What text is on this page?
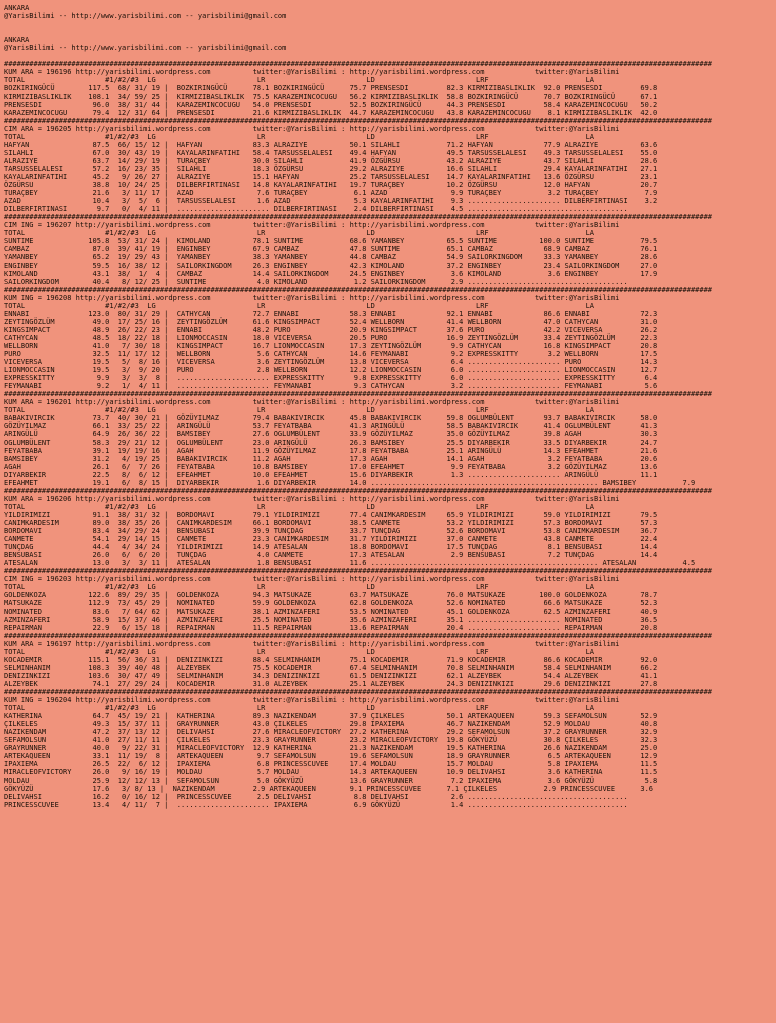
ANKARA
@YarisBilimi -- http://www.yarisbilimi.com -- yarisbilimi@gmail.com
ANKARA
@YarisBilimi -- http://www.yarisbilimi.com -- yarisbilimi@gmail.com
########################################################################################################################################################################
KUM ARA = 196196 http://yarisbilimi.wordpress.com          twitter:@YarisBilimi : http://yarisbilimi.wordpress.com            twitter:@YarisBilimi
TOTAL                   #1/#2/#3  LG                        LR                        LD                        LRF                       LA
BOZKIRINGÜCÜ        117.5  68/ 31/ 19 |  BOZKIRINGÜCÜ      78.1 BOZKIRINGÜCÜ      75.7 PRENSESDI         82.3 KIRMIZIBASLIKLIK  92.0 PRENSESDI         69.8
KIRMIZIBASLIKLIK    108.1  34/ 59/ 25 |  KIRMIZIBASLIKLIK  75.5 KARAZEMINCOCUGU   56.2 KIRMIZIBASLIKLIK  58.8 BOZKIRINGÜCÜ      70.7 BOZKIRINGÜCÜ      67.1
PRENSESDI            96.0  38/ 31/ 44 |  KARAZEMINCOCUGU   54.0 PRENSESDI         52.5 BOZKIRINGÜCÜ      44.3 PRENSESDI         58.4 KARAZEMINCOCUGU   50.2
KARAZEMINCOCUGU      79.4  12/ 31/ 64 |  PRENSESDI         21.6 KIRMIZIBASLIKLIK  44.7 KARAZEMINCOCUGU   43.8 KARAZEMINCOCUGU    8.1 KIRMIZIBASLIKLIK  42.0
########################################################################################################################################################################
CIM ARA = 196205 http://yarisbilimi.wordpress.com          twitter:@YarisBilimi : http://yarisbilimi.wordpress.com            twitter:@YarisBilimi
TOTAL                   #1/#2/#3  LG                        LR                        LD                        LRF                       LA
HAFYAN               87.5  66/ 15/ 12 |  HAFYAN            83.3 ALRAZIYE          50.1 SILAHLI           71.2 HAFYAN            77.9 ALRAZIYE          63.6
SILAHLI              67.0  30/ 43/ 19 |  KAYALARINFATIHI   58.4 TARSUSSELALESI    49.4 HAFYAN            49.5 TARSUSSELALESI    49.3 TARSUSSELALESI    55.0
ALRAZIYE             63.7  14/ 29/ 19 |  TURAÇBEY          30.0 SILAHLI           41.9 ÖZGÜRSU           43.2 ALRAZIYE          43.7 SILAHLI           28.6
TARSUSSELALESI       57.2  16/ 23/ 35 |  SILAHLI           18.3 ÖZGÜRSU           29.2 ALRAZIYE          16.6 SILAHLI           29.4 KAYALARINFATIHI   27.1
KAYALARINFATIHI      45.2   9/ 26/ 27 |  ALRAZIYE          15.1 HAFYAN            25.2 TARSUSSELALESI    14.7 KAYALARINFATIHI   13.6 ÖZGÜRSU           23.1
ÖZGÜRSU              38.8  10/ 24/ 25 |  DILBERFIRTINASI   14.8 KAYALARINFATIHI   19.7 TURAÇBEY          10.2 ÖZGÜRSU           12.0 HAFYAN            20.7
TURAÇBEY             21.6   3/ 11/ 17 |  AZAD               7.6 TURAÇBEY           6.1 AZAD               9.9 TURAÇBEY           3.2 TURAÇBEY           7.9
AZAD                 10.4   3/  5/  6 |  TARSUSSELALESI     1.6 AZAD               5.3 KAYALARINFATIHI    9.3 ...................... DILBERFIRTINASI    3.2
DILBERFIRTINASI       9.7   0/  4/ 11 |  ...................... DILBERFIRTINASI    2.4 DILBERFIRTINASI    4.5 ......................................
########################################################################################################################################################################
CIM ING = 196207 http://yarisbilimi.wordpress.com          twitter:@YarisBilimi : http://yarisbilimi.wordpress.com            twitter:@YarisBilimi
TOTAL                   #1/#2/#3  LG                        LR                        LD                        LRF                       LA
SUNTIME             105.8  53/ 31/ 24 |  KIMOLAND          78.1 SUNTIME           68.6 YAMANBEY          65.5 SUNTIME          100.0 SUNTIME           79.5
CAMBAZ               87.0  39/ 41/ 19 |  ENGINBEY          67.9 CAMBAZ            47.8 SUNTIME           65.1 CAMBAZ            68.9 CAMBAZ            76.1
YAMANBEY             65.2  19/ 29/ 43 |  YAMANBEY          38.3 YAMANBEY          44.8 CAMBAZ            54.9 SAILORKINGDOM     33.3 YAMANBEY          28.6
ENGINBEY             59.5  16/ 38/ 12 |  SAILORKINGDOM     26.3 ENGINBEY          42.3 KIMOLAND          37.2 ENGINBEY          23.4 SAILORKINGDOM     27.0
KIMOLAND             43.1  38/  1/  4 |  CAMBAZ            14.4 SAILORKINGDOM     24.5 ENGINBEY           3.6 KIMOLAND           3.6 ENGINBEY          17.9
SAILORKINGDOM        40.4   8/ 12/ 25 |  SUNTIME            4.0 KIMOLAND           1.2 SAILORKINGDOM      2.9 ......................................
########################################################################################################################################################################
KUM ING = 196208 http://yarisbilimi.wordpress.com          twitter:@YarisBilimi : http://yarisbilimi.wordpress.com            twitter:@YarisBilimi
TOTAL                   #1/#2/#3  LG                        LR                        LD                        LRF                       LA
ENNABI              123.0  80/ 31/ 29 |  CATHYCAN          72.7 ENNABI            58.3 ENNABI            92.1 ENNABI            86.6 ENNABI            72.3
ZEYTINGÖZLÜM         49.0  17/ 25/ 16 |  ZEYTINGÖZLÜM      61.6 KINGSIMPACT       52.4 WELLBORN          41.4 WELLBORN          47.0 CATHYCAN          31.0
KINGSIMPACT          48.9  26/ 22/ 23 |  ENNABI            48.2 PURO              20.9 KINGSIMPACT       37.6 PURO              42.2 VICEVERSA         26.2
CATHYCAN             48.5  18/ 22/ 18 |  LIONMOCCASIN      18.0 VICEVERSA         20.5 PURO              16.9 ZEYTINGÖZLÜM      33.4 ZEYTINGÖZLÜM      22.3
WELLBORN             41.0   7/ 30/ 18 |  KINGSIMPACT       16.7 LIONMOCCASIN      17.3 ZEYTINGÖZLÜM       9.9 CATHYCAN          16.8 KINGSIMPACT       20.8
PURO                 32.5  11/ 17/ 12 |  WELLBORN           5.6 CATHYCAN          14.6 FEYMANABI          9.2 EXPRESSKITTY       3.2 WELLBORN          17.5
VICEVERSA            19.5   5/  8/ 16 |  VICEVERSA          3.6 ZEYTINGÖZLÜM      13.8 VICEVERSA          6.4 ...................... PURO              14.3
LIONMOCCASIN         19.5   3/  9/ 20 |  PURO               2.8 WELLBORN          12.2 LIONMOCCASIN       6.0 ...................... LIONMOCCASIN      12.7
EXPRESSKITTY          9.9   3/  3/  8 |  ...................... EXPRESSKITTY       9.8 EXPRESSKITTY       6.0 ...................... EXPRESSKITTY       6.4
FEYMANABI             9.2   1/  4/ 11 |  ...................... FEYMANABI          9.3 CATHYCAN           3.2 ...................... FEYMANABI          5.6
########################################################################################################################################################################
KUM ARA = 196201 http://yarisbilimi.wordpress.com          twitter:@YarisBilimi : http://yarisbilimi.wordpress.com            twitter:@YarisBilimi
TOTAL                   #1/#2/#3  LG                        LR                        LD                        LRF                       LA
BABAKIVIRCIK         73.7  40/ 30/ 21 |  GÖZÜYILMAZ        79.4 BABAKIVIRCIK      45.8 BABAKIVIRCIK      59.8 OGLUMBÜLENT       93.7 BABAKIVIRCIK      58.0
GÖZÜYILMAZ           66.1  33/ 25/ 22 |  ARINGÜLÜ          53.7 FEYATBABA         41.3 ARINGÜLÜ          58.5 BABAKIVIRCIK      41.4 OGLUMBÜLENT       41.3
ARINGÜLÜ             64.9  26/ 36/ 22 |  BAMSIBEY          27.6 OGLUMBÜLENT       33.9 GÖZÜYILMAZ        35.0 GÖZÜYILMAZ        39.8 AGAH              30.3
OGLUMBÜLENT          58.3  29/ 21/ 12 |  OGLUMBÜLENT       23.0 ARINGÜLÜ          26.3 BAMSIBEY          25.5 DIYARBEKIR        33.5 DIYARBEKIR        24.7
FEYATBABA            39.1  19/ 19/ 16 |  AGAH              11.9 GÖZÜYILMAZ        17.8 FEYATBABA         25.1 ARINGÜLÜ          14.3 EFEAHMET          21.6
BAMSIBEY             31.2   4/ 19/ 25 |  BABAKIVIRCIK      11.2 AGAH              17.3 AGAH              14.1 AGAH               3.2 FEYATBABA         20.6
AGAH                 26.1   6/  7/ 26 |  FEYATBABA         10.8 BAMSIBEY          17.0 EFEAHMET           9.9 FEYATBABA          3.2 GÖZÜYILMAZ        13.6
DIYARBEKIR           22.5   8/  6/ 12 |  EFEAHMET          10.0 EFEAHMET          15.6 DIYARBEKIR         1.3 ...................... ARINGÜLÜ          11.1
EFEAHMET             19.1   6/  8/ 15 |  DIYARBEKIR         1.6 DIYARBEKIR        14.0 ...................................................... BAMSIBEY           7.9
########################################################################################################################################################################
KUM ARA = 196206 http://yarisbilimi.wordpress.com          twitter:@YarisBilimi : http://yarisbilimi.wordpress.com            twitter:@YarisBilimi
TOTAL                   #1/#2/#3  LG                        LR                        LD                        LRF                       LA
YILDIRIMIZI          91.1  38/ 31/ 32 |  BORDOMAVI         79.1 YILDIRIMIZI       77.4 CANIMKARDESIM     65.9 YILDIRIMIZI       59.0 YILDIRIMIZI       79.5
CANIMKARDESIM        89.0  38/ 35/ 26 |  CANIMKARDESIM     66.1 BORDOMAVI         38.5 CANMETE           53.2 YILDIRIMIZI       57.3 BORDOMAVI         57.3
BORDOMAVI            83.4  34/ 29/ 24 |  BENSUBASI         39.9 TUNÇDAG           33.7 TUNÇDAG           52.6 BORDOMAVI         53.8 CANIMKARDESIM     36.7
CANMETE              54.1  29/ 14/ 15 |  CANMETE           23.3 CANIMKARDESIM     31.7 YILDIRIMIZI       37.0 CANMETE           43.8 CANMETE           22.4
TUNÇDAG              44.4   4/ 34/ 24 |  YILDIRIMIZI       14.9 ATESALAN          18.8 BORDOMAVI         17.5 TUNÇDAG            8.1 BENSUBASI         14.4
BENSUBASI            26.0   6/  6/ 20 |  TUNÇDAG            4.0 CANMETE           17.3 ATESALAN           2.9 BENSUBASI          7.2 TUNÇDAG           14.4
ATESALAN             13.0   3/  3/ 11 |  ATESALAN           1.8 BENSUBASI         11.6 ...................................................... ATESALAN           4.5
########################################################################################################################################################################
CIM ING = 196203 http://yarisbilimi.wordpress.com          twitter:@YarisBilimi : http://yarisbilimi.wordpress.com            twitter:@YarisBilimi
TOTAL                   #1/#2/#3  LG                        LR                        LD                        LRF                       LA
GOLDENKOZA          122.6  89/ 29/ 35 |  GOLDENKOZA        94.3 MATSUKAZE         63.7 MATSUKAZE         76.0 MATSUKAZE        100.0 GOLDENKOZA        78.7
MATSUKAZE           112.9  73/ 45/ 29 |  NOMINATED         59.9 GOLDENKOZA        62.8 GOLDENKOZA        52.6 NOMINATED         66.6 MATSUKAZE         52.3
NOMINATED            83.6   7/ 64/ 62 |  MATSUKAZE         38.1 AZMINZAFERI       53.5 NOMINATED         45.1 GOLDENKOZA        62.5 AZMINZAFERI       40.9
AZMINZAFERI          58.9  15/ 37/ 46 |  AZMINZAFERI       25.5 NOMINATED         35.6 AZMINZAFERI       35.1 ...................... NOMINATED         36.5
REPAIRMAN            22.9   6/ 15/ 18 |  REPAIRMAN         11.5 REPAIRMAN         13.6 REPAIRMAN         20.4 ...................... REPAIRMAN         20.8
########################################################################################################################################################################
KUM ARA = 196197 http://yarisbilimi.wordpress.com          twitter:@YarisBilimi : http://yarisbilimi.wordpress.com            twitter:@YarisBilimi
TOTAL                   #1/#2/#3  LG                        LR                        LD                        LRF                       LA
KOCADEMIR           115.1  56/ 36/ 31 |  DENIZINKIZI       88.4 SELMINHANIM       75.1 KOCADEMIR         71.9 KOCADEMIR         86.6 KOCADEMIR         92.0
SELMINHANIM         108.3  39/ 40/ 48 |  ALZEYBEK          75.5 KOCADEMIR         67.4 SELMINHANIM       70.8 SELMINHANIM       58.4 SELMINHANIM       66.2
DENIZINKIZI         103.6  30/ 47/ 49 |  SELMINHANIM       34.3 DENIZINKIZI       61.5 DENIZINKIZI       62.1 ALZEYBEK          54.4 ALZEYBEK          41.1
ALZEYBEK             74.1  27/ 29/ 24 |  KOCADEMIR         31.0 ALZEYBEK          25.1 ALZEYBEK          24.3 DENIZINKIZI       29.6 DENIZINKIZI       27.8
########################################################################################################################################################################
KUM ING = 196204 http://yarisbilimi.wordpress.com          twitter:@YarisBilimi : http://yarisbilimi.wordpress.com            twitter:@YarisBilimi
TOTAL                   #1/#2/#3  LG                        LR                        LD                        LRF                       LA
KATHERINA            64.7  45/ 19/ 21 |  KATHERINA         89.3 NAZIKENDAM        37.9 ÇILKELES          50.1 ARTEKAQUEEN       59.3 SEFAMOLSUN        52.9
ÇILKELES             49.3  15/ 37/ 11 |  GRAYRUNNER        43.0 ÇILKELES          29.8 IPAXIEMA          46.7 NAZIKENDAM        52.9 MOLDAU            40.8
NAZIKENDAM           47.2  37/ 13/ 12 |  DELIVAHSI         27.6 MIRACLEOFVICTORY  27.2 KATHERINA         29.2 SEFAMOLSUN        37.2 GRAYRUNNER        32.9
SEFAMOLSUN           41.0  27/ 11/ 11 |  ÇILKELES          23.3 GRAYRUNNER        23.2 MIRACLEOFVICTORY  19.8 GÖKYÜZÜ           30.8 ÇILKELES          32.3
GRAYRUNNER           40.0   9/ 22/ 31 |  MIRACLEOFVICTORY  12.9 KATHERINA         21.3 NAZIKENDAM        19.5 KATHERINA         26.6 NAZIKENDAM        25.0
ARTEKAQUEEN          33.1  11/ 19/  8 |  ARTEKAQUEEN        9.7 SEFAMOLSUN        19.6 SEFAMOLSUN        18.9 GRAYRUNNER         6.5 ARTEKAQUEEN       12.9
IPAXIEMA             26.5  22/  6/ 12 |  IPAXIEMA           6.8 PRINCESSCUVEE     17.4 MOLDAU            15.7 MOLDAU             5.8 IPAXIEMA          11.5
MIRACLEOFVICTORY     26.0   9/ 16/ 19 |  MOLDAU             5.7 MOLDAU            14.3 ARTEKAQUEEN       10.9 DELIVAHSI          3.6 KATHERINA         11.5
MOLDAU               25.9  12/ 12/ 13 |  SEFAMOLSUN         5.0 GÖKYÜZÜ           13.6 GRAYRUNNER         7.2 IPAXIEMA           3.6 GÖKYÜZÜ            5.8
GÖKYÜZÜ              17.6   3/ 8/ 13 |  NAZIKENDAM         2.9 ARTEKAQUEEN        9.1 PRINCESSCUVEE      7.1 ÇILKELES           2.9 PRINCESSCUVEE      3.6
DELIVAHSI            16.2   0/ 16/ 12 |  PRINCESSCUVEE      2.5 DELIVAHSI          8.8 DELIVAHSI          2.6 ......................................
PRINCESSCUVEE        13.4   4/ 11/  7 |  ...................... IPAXIEMA           6.9 GÖKYÜZÜ            1.4 ......................................
